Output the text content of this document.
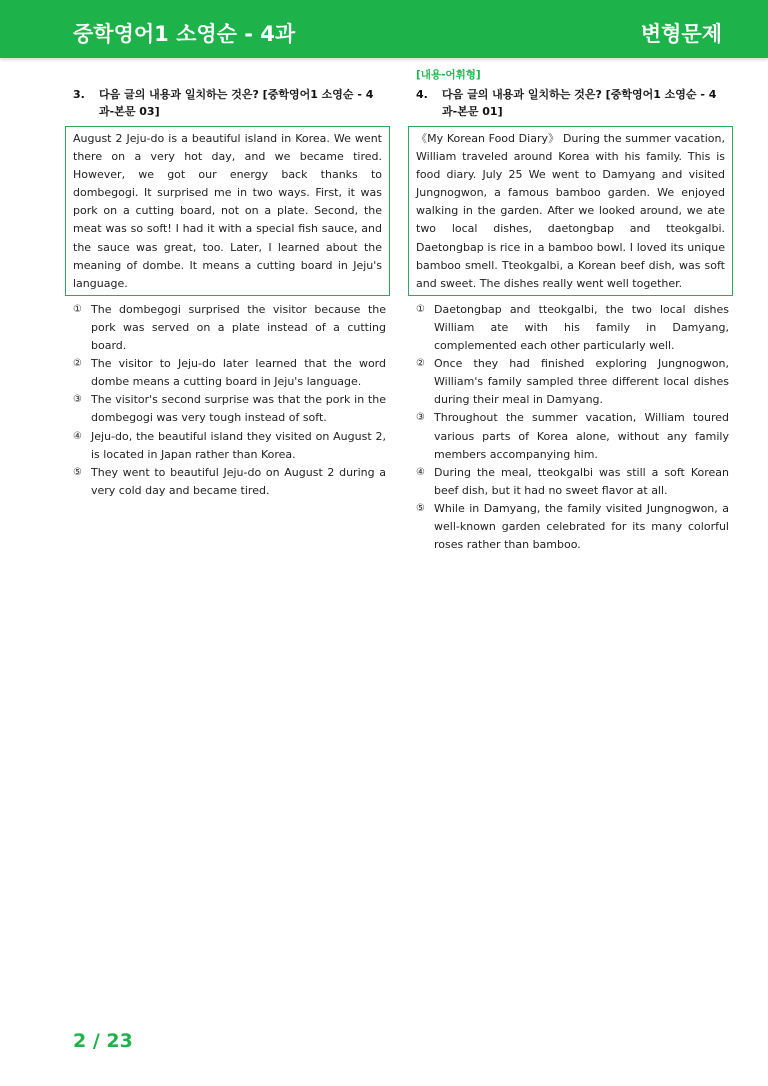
중학영어1 소영순 - 4과	변형문제
3. 다음 글의 내용과 일치하는 것은? [중학영어1 소영순 - 4과-본문 03]
August 2 Jeju-do is a beautiful island in Korea. We went there on a very hot day, and we became tired. However, we got our energy back thanks to dombegogi. It surprised me in two ways. First, it was pork on a cutting board, not on a plate. Second, the meat was so soft! I had it with a special fish sauce, and the sauce was great, too. Later, I learned about the meaning of dombe. It means a cutting board in Jeju's language.
① The dombegogi surprised the visitor because the pork was served on a plate instead of a cutting board.
② The visitor to Jeju-do later learned that the word dombe means a cutting board in Jeju's language.
③ The visitor's second surprise was that the pork in the dombegogi was very tough instead of soft.
④ Jeju-do, the beautiful island they visited on August 2, is located in Japan rather than Korea.
⑤ They went to beautiful Jeju-do on August 2 during a very cold day and became tired.
[내용-어휘형]
4. 다음 글의 내용과 일치하는 것은? [중학영어1 소영순 - 4과-본문 01]
《My Korean Food Diary》 During the summer vacation, William traveled around Korea with his family. This is food diary. July 25 We went to Damyang and visited Jungnogwon, a famous bamboo garden. We enjoyed walking in the garden. After we looked around, we ate two local dishes, daetongbap and tteokgalbi. Daetongbap is rice in a bamboo bowl. I loved its unique bamboo smell. Tteokgalbi, a Korean beef dish, was soft and sweet. The dishes really went well together.
① Daetongbap and tteokgalbi, the two local dishes William ate with his family in Damyang, complemented each other particularly well.
② Once they had finished exploring Jungnogwon, William's family sampled three different local dishes during their meal in Damyang.
③ Throughout the summer vacation, William toured various parts of Korea alone, without any family members accompanying him.
④ During the meal, tteokgalbi was still a soft Korean beef dish, but it had no sweet flavor at all.
⑤ While in Damyang, the family visited Jungnogwon, a well-known garden celebrated for its many colorful roses rather than bamboo.
2 / 23
